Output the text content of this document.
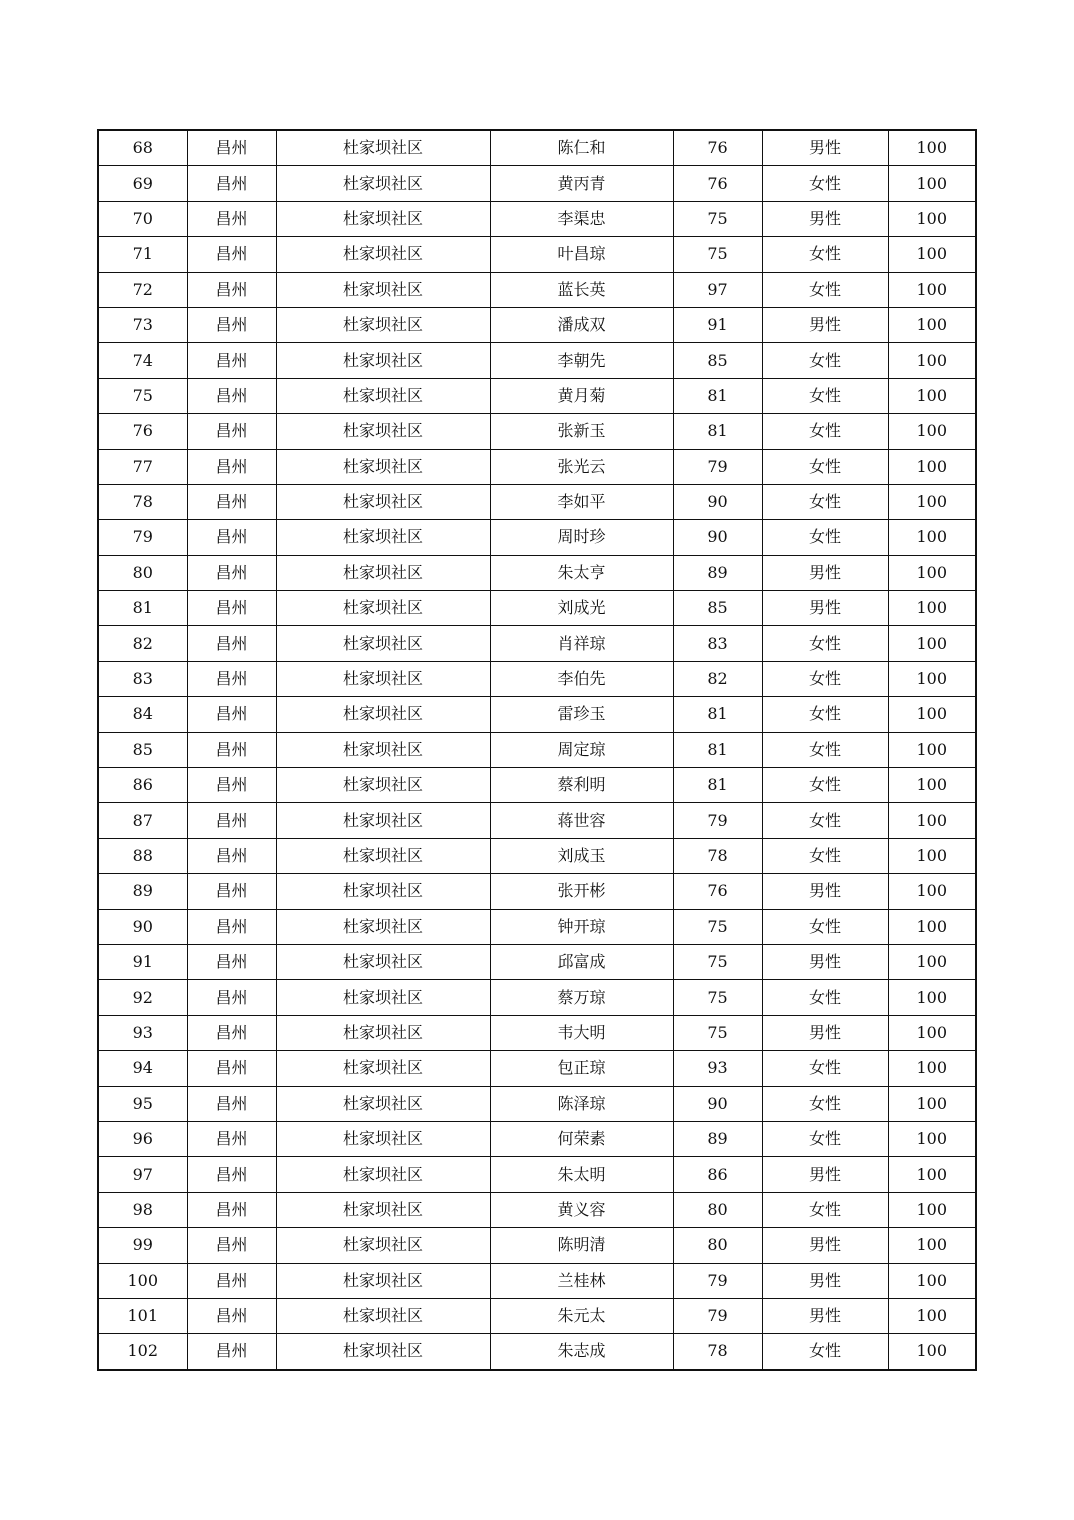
68	昌州	杜家坝社区	陈仁和	76	男性	100
69	昌州	杜家坝社区	黄丙青	76	女性	100
70	昌州	杜家坝社区	李渠忠	75	男性	100
71	昌州	杜家坝社区	叶昌琼	75	女性	100
72	昌州	杜家坝社区	蓝长英	97	女性	100
73	昌州	杜家坝社区	潘成双	91	男性	100
74	昌州	杜家坝社区	李朝先	85	女性	100
75	昌州	杜家坝社区	黄月菊	81	女性	100
76	昌州	杜家坝社区	张新玉	81	女性	100
77	昌州	杜家坝社区	张光云	79	女性	100
78	昌州	杜家坝社区	李如平	90	女性	100
79	昌州	杜家坝社区	周时珍	90	女性	100
80	昌州	杜家坝社区	朱太亨	89	男性	100
81	昌州	杜家坝社区	刘成光	85	男性	100
82	昌州	杜家坝社区	肖祥琼	83	女性	100
83	昌州	杜家坝社区	李伯先	82	女性	100
84	昌州	杜家坝社区	雷珍玉	81	女性	100
85	昌州	杜家坝社区	周定琼	81	女性	100
86	昌州	杜家坝社区	蔡利明	81	女性	100
87	昌州	杜家坝社区	蒋世容	79	女性	100
88	昌州	杜家坝社区	刘成玉	78	女性	100
89	昌州	杜家坝社区	张开彬	76	男性	100
90	昌州	杜家坝社区	钟开琼	75	女性	100
91	昌州	杜家坝社区	邱富成	75	男性	100
92	昌州	杜家坝社区	蔡万琼	75	女性	100
93	昌州	杜家坝社区	韦大明	75	男性	100
94	昌州	杜家坝社区	包正琼	93	女性	100
95	昌州	杜家坝社区	陈泽琼	90	女性	100
96	昌州	杜家坝社区	何荣素	89	女性	100
97	昌州	杜家坝社区	朱太明	86	男性	100
98	昌州	杜家坝社区	黄义容	80	女性	100
99	昌州	杜家坝社区	陈明清	80	男性	100
100	昌州	杜家坝社区	兰桂林	79	男性	100
101	昌州	杜家坝社区	朱元太	79	男性	100
102	昌州	杜家坝社区	朱志成	78	女性	100
